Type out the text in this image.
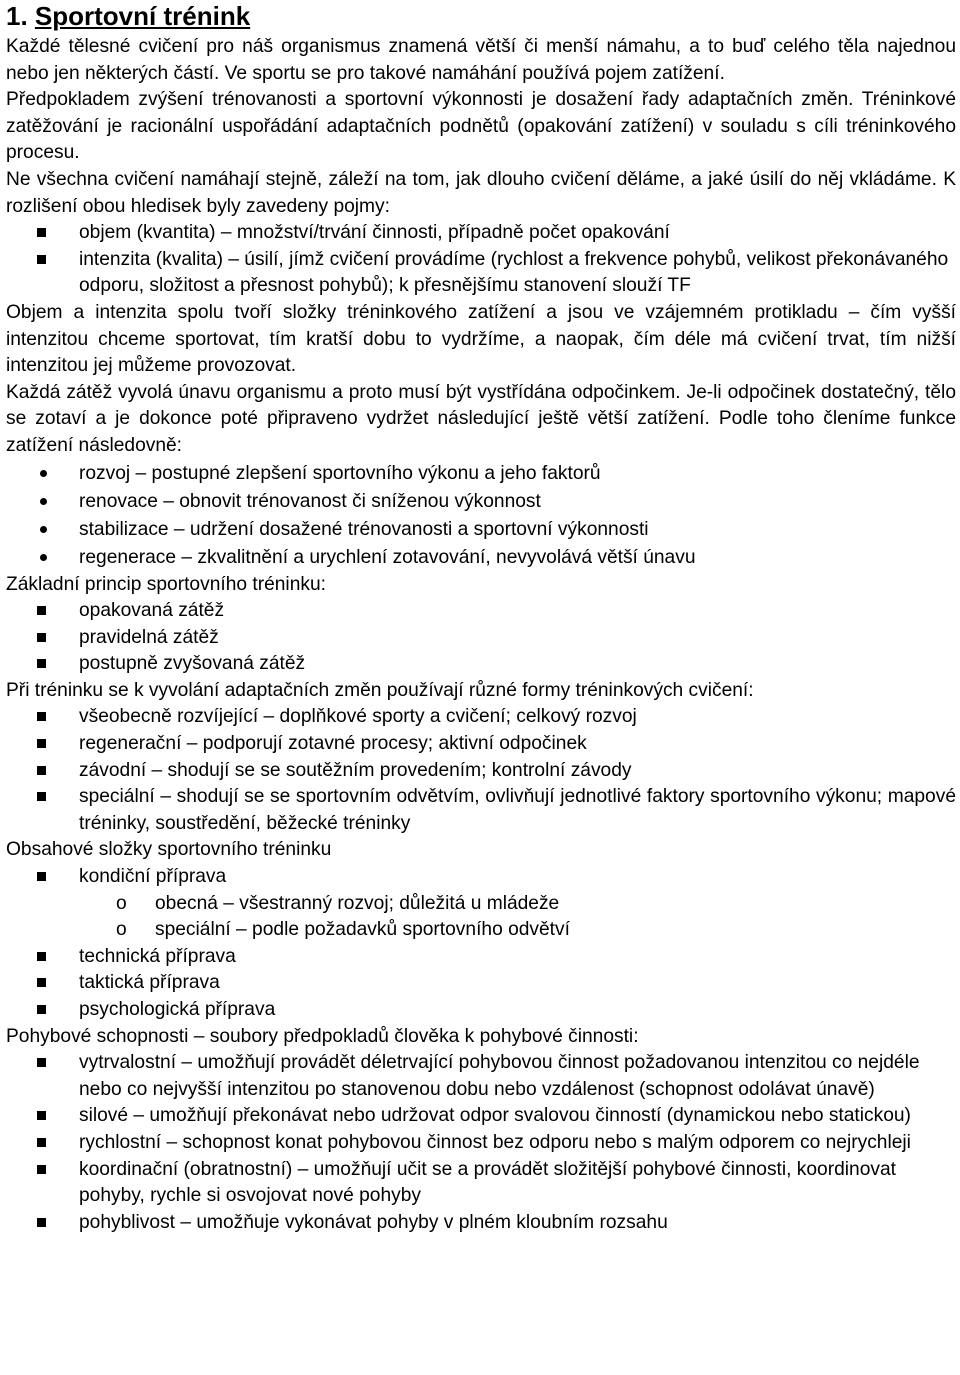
1. Sportovní trénink

Každé tělesné cvičení pro náš organismus znamená větší či menší námahu, a to buď celého těla najednou nebo jen některých částí. Ve sportu se pro takové namáhání používá pojem zatížení.

Předpokladem zvýšení trénovanosti a sportovní výkonnosti je dosažení řady adaptačních změn. Tréninkové zatěžování je racionální uspořádání adaptačních podnětů (opakování zatížení) v souladu s cíli tréninkového procesu.

Ne všechna cvičení namáhají stejně, záleží na tom, jak dlouho cvičení děláme, a jaké úsilí do něj vkládáme. K rozlišení obou hledisek byly zavedeny pojmy:

objem (kvantita) – množství/trvání činnosti, případně počet opakování
intenzita (kvalita) – úsilí, jímž cvičení provádíme (rychlost a frekvence pohybů, velikost překonávaného odporu, složitost a přesnost pohybů); k přesnějšímu stanovení slouží TF

Objem a intenzita spolu tvoří složky tréninkového zatížení a jsou ve vzájemném protikladu – čím vyšší intenzitou chceme sportovat, tím kratší dobu to vydržíme, a naopak, čím déle má cvičení trvat, tím nižší intenzitou jej můžeme provozovat.

Každá zátěž vyvolá únavu organismu a proto musí být vystřídána odpočinkem. Je-li odpočinek dostatečný, tělo se zotaví a je dokonce poté připraveno vydržet následující ještě větší zatížení. Podle toho členíme funkce zatížení následovně:

rozvoj – postupné zlepšení sportovního výkonu a jeho faktorů
renovace – obnovit trénovanost či sníženou výkonnost
stabilizace – udržení dosažené trénovanosti a sportovní výkonnosti
regenerace – zkvalitnění a urychlení zotavování, nevyvolává větší únavu

Základní princip sportovního tréninku:

opakovaná zátěž
pravidelná zátěž
postupně zvyšovaná zátěž

Při tréninku se k vyvolání adaptačních změn používají různé formy tréninkových cvičení:

všeobecně rozvíjející – doplňkové sporty a cvičení; celkový rozvoj
regenerační – podporují zotavné procesy; aktivní odpočinek
závodní – shodují se se soutěžním provedením; kontrolní závody
speciální – shodují se se sportovním odvětvím, ovlivňují jednotlivé faktory sportovního výkonu; mapové tréninky, soustředění, běžecké tréninky

Obsahové složky sportovního tréninku

kondiční příprava
o obecná – všestranný rozvoj; důležitá u mládeže
o speciální – podle požadavků sportovního odvětví
technická příprava
taktická příprava
psychologická příprava

Pohybové schopnosti – soubory předpokladů člověka k pohybové činnosti:

vytrvalostní – umožňují provádět déletrvající pohybovou činnost požadovanou intenzitou co nejdéle nebo co nejvyšší intenzitou po stanovenou dobu nebo vzdálenost (schopnost odolávat únavě)
silové – umožňují překonávat nebo udržovat odpor svalovou činností (dynamickou nebo statickou)
rychlostní – schopnost konat pohybovou činnost bez odporu nebo s malým odporem co nejrychleji
koordinační (obratnostní) – umožňují učit se a provádět složitější pohybové činnosti, koordinovat pohyby, rychle si osvojovat nové pohyby
pohyblivost – umožňuje vykonávat pohyby v plném kloubním rozsahu
